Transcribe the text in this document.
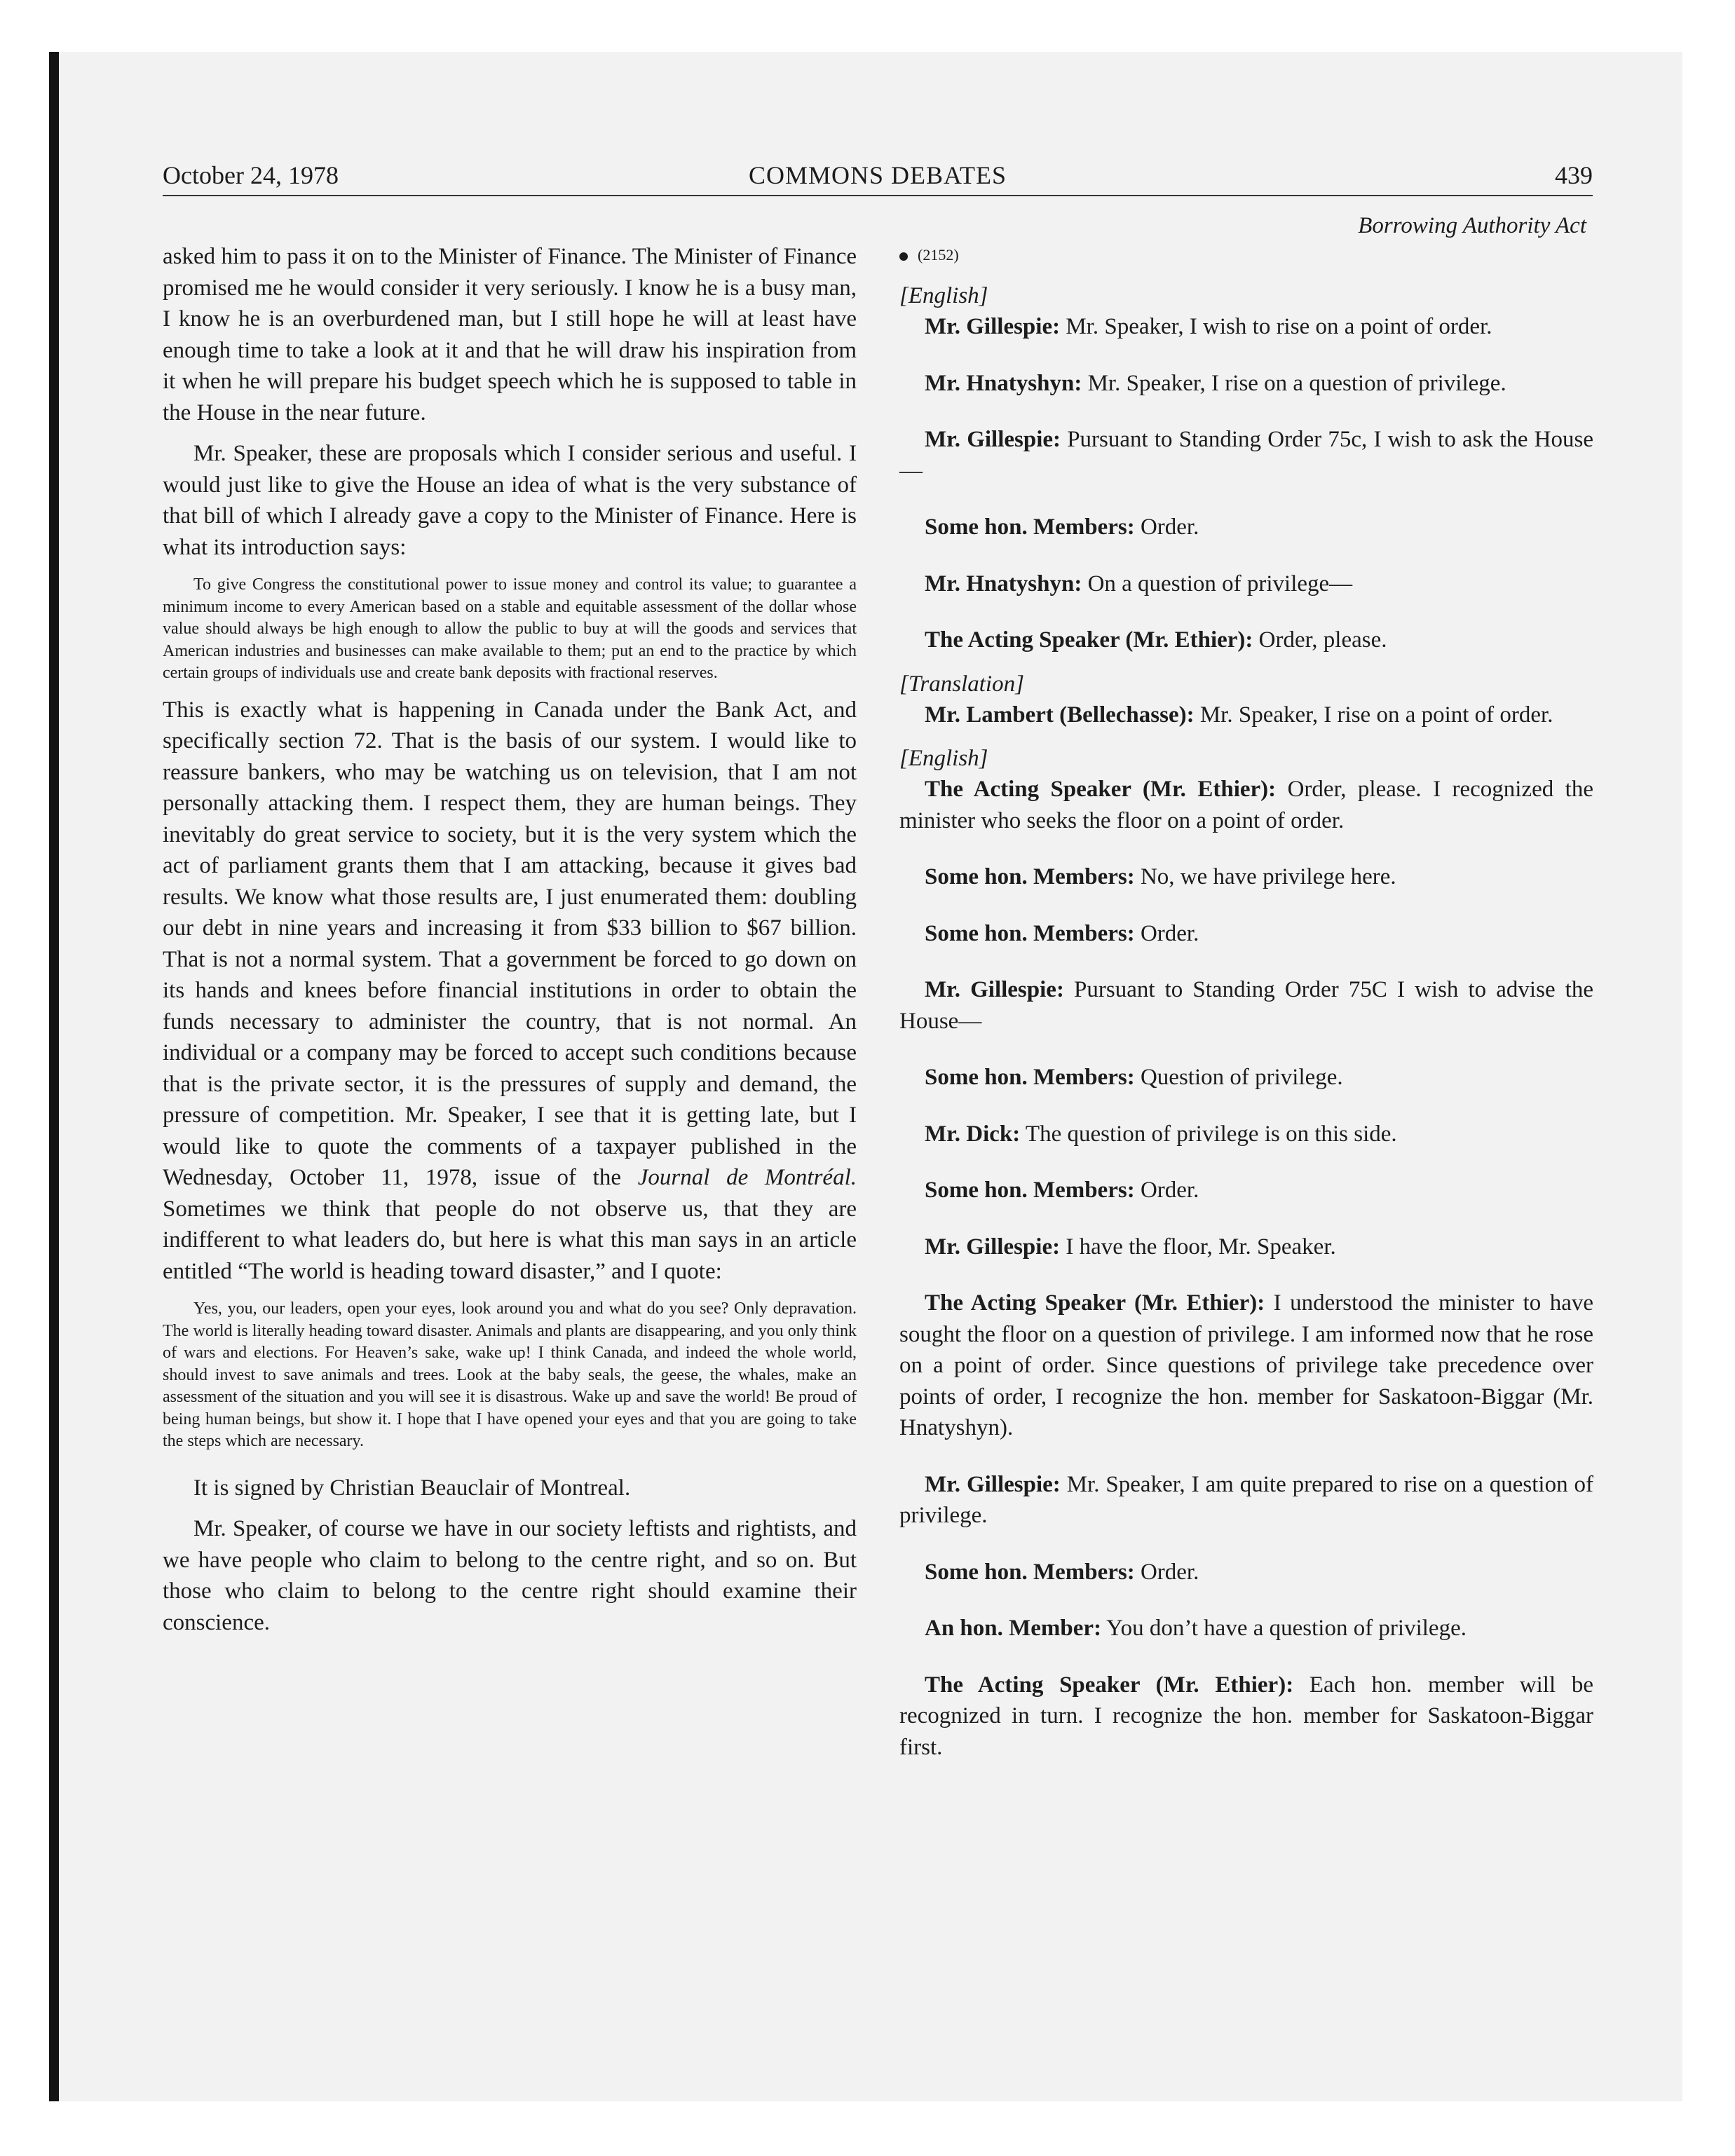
October 24, 1978	COMMONS DEBATES	439

asked him to pass it on to the Minister of Finance. The Minister of Finance promised me he would consider it very seriously. I know he is a busy man, I know he is an overburdened man, but I still hope he will at least have enough time to take a look at it and that he will draw his inspiration from it when he will prepare his budget speech which he is supposed to table in the House in the near future.

Mr. Speaker, these are proposals which I consider serious and useful. I would just like to give the House an idea of what is the very substance of that bill of which I already gave a copy to the Minister of Finance. Here is what its introduction says:

To give Congress the constitutional power to issue money and control its value; to guarantee a minimum income to every American based on a stable and equitable assessment of the dollar whose value should always be high enough to allow the public to buy at will the goods and services that American industries and businesses can make available to them; put an end to the practice by which certain groups of individuals use and create bank deposits with fractional reserves.

This is exactly what is happening in Canada under the Bank Act, and specifically section 72. That is the basis of our system. I would like to reassure bankers, who may be watching us on television, that I am not personally attacking them. I respect them, they are human beings. They inevitably do great service to society, but it is the very system which the act of parliament grants them that I am attacking, because it gives bad results. We know what those results are, I just enumerated them: doubling our debt in nine years and increasing it from $33 billion to $67 billion. That is not a normal system. That a government be forced to go down on its hands and knees before financial institutions in order to obtain the funds necessary to administer the country, that is not normal. An individual or a company may be forced to accept such conditions because that is the private sector, it is the pressures of supply and demand, the pressure of competition. Mr. Speaker, I see that it is getting late, but I would like to quote the comments of a taxpayer published in the Wednesday, October 11, 1978, issue of the Journal de Montréal. Sometimes we think that people do not observe us, that they are indifferent to what leaders do, but here is what this man says in an article entitled “The world is heading toward disaster,” and I quote:

Yes, you, our leaders, open your eyes, look around you and what do you see? Only depravation. The world is literally heading toward disaster. Animals and plants are disappearing, and you only think of wars and elections. For Heaven’s sake, wake up! I think Canada, and indeed the whole world, should invest to save animals and trees. Look at the baby seals, the geese, the whales, make an assessment of the situation and you will see it is disastrous. Wake up and save the world! Be proud of being human beings, but show it. I hope that I have opened your eyes and that you are going to take the steps which are necessary.

It is signed by Christian Beauclair of Montreal.

Mr. Speaker, of course we have in our society leftists and rightists, and we have people who claim to belong to the centre right, and so on. But those who claim to belong to the centre right should examine their conscience.

Borrowing Authority Act

(2152)

[English]

Mr. Gillespie: Mr. Speaker, I wish to rise on a point of order.

Mr. Hnatyshyn: Mr. Speaker, I rise on a question of privilege.

Mr. Gillespie: Pursuant to Standing Order 75c, I wish to ask the House—

Some hon. Members: Order.

Mr. Hnatyshyn: On a question of privilege—

The Acting Speaker (Mr. Ethier): Order, please.

[Translation]

Mr. Lambert (Bellechasse): Mr. Speaker, I rise on a point of order.

[English]

The Acting Speaker (Mr. Ethier): Order, please. I recognized the minister who seeks the floor on a point of order.

Some hon. Members: No, we have privilege here.

Some hon. Members: Order.

Mr. Gillespie: Pursuant to Standing Order 75C I wish to advise the House—

Some hon. Members: Question of privilege.

Mr. Dick: The question of privilege is on this side.

Some hon. Members: Order.

Mr. Gillespie: I have the floor, Mr. Speaker.

The Acting Speaker (Mr. Ethier): I understood the minister to have sought the floor on a question of privilege. I am informed now that he rose on a point of order. Since questions of privilege take precedence over points of order, I recognize the hon. member for Saskatoon-Biggar (Mr. Hnatyshyn).

Mr. Gillespie: Mr. Speaker, I am quite prepared to rise on a question of privilege.

Some hon. Members: Order.

An hon. Member: You don’t have a question of privilege.

The Acting Speaker (Mr. Ethier): Each hon. member will be recognized in turn. I recognize the hon. member for Saskatoon-Biggar first.
